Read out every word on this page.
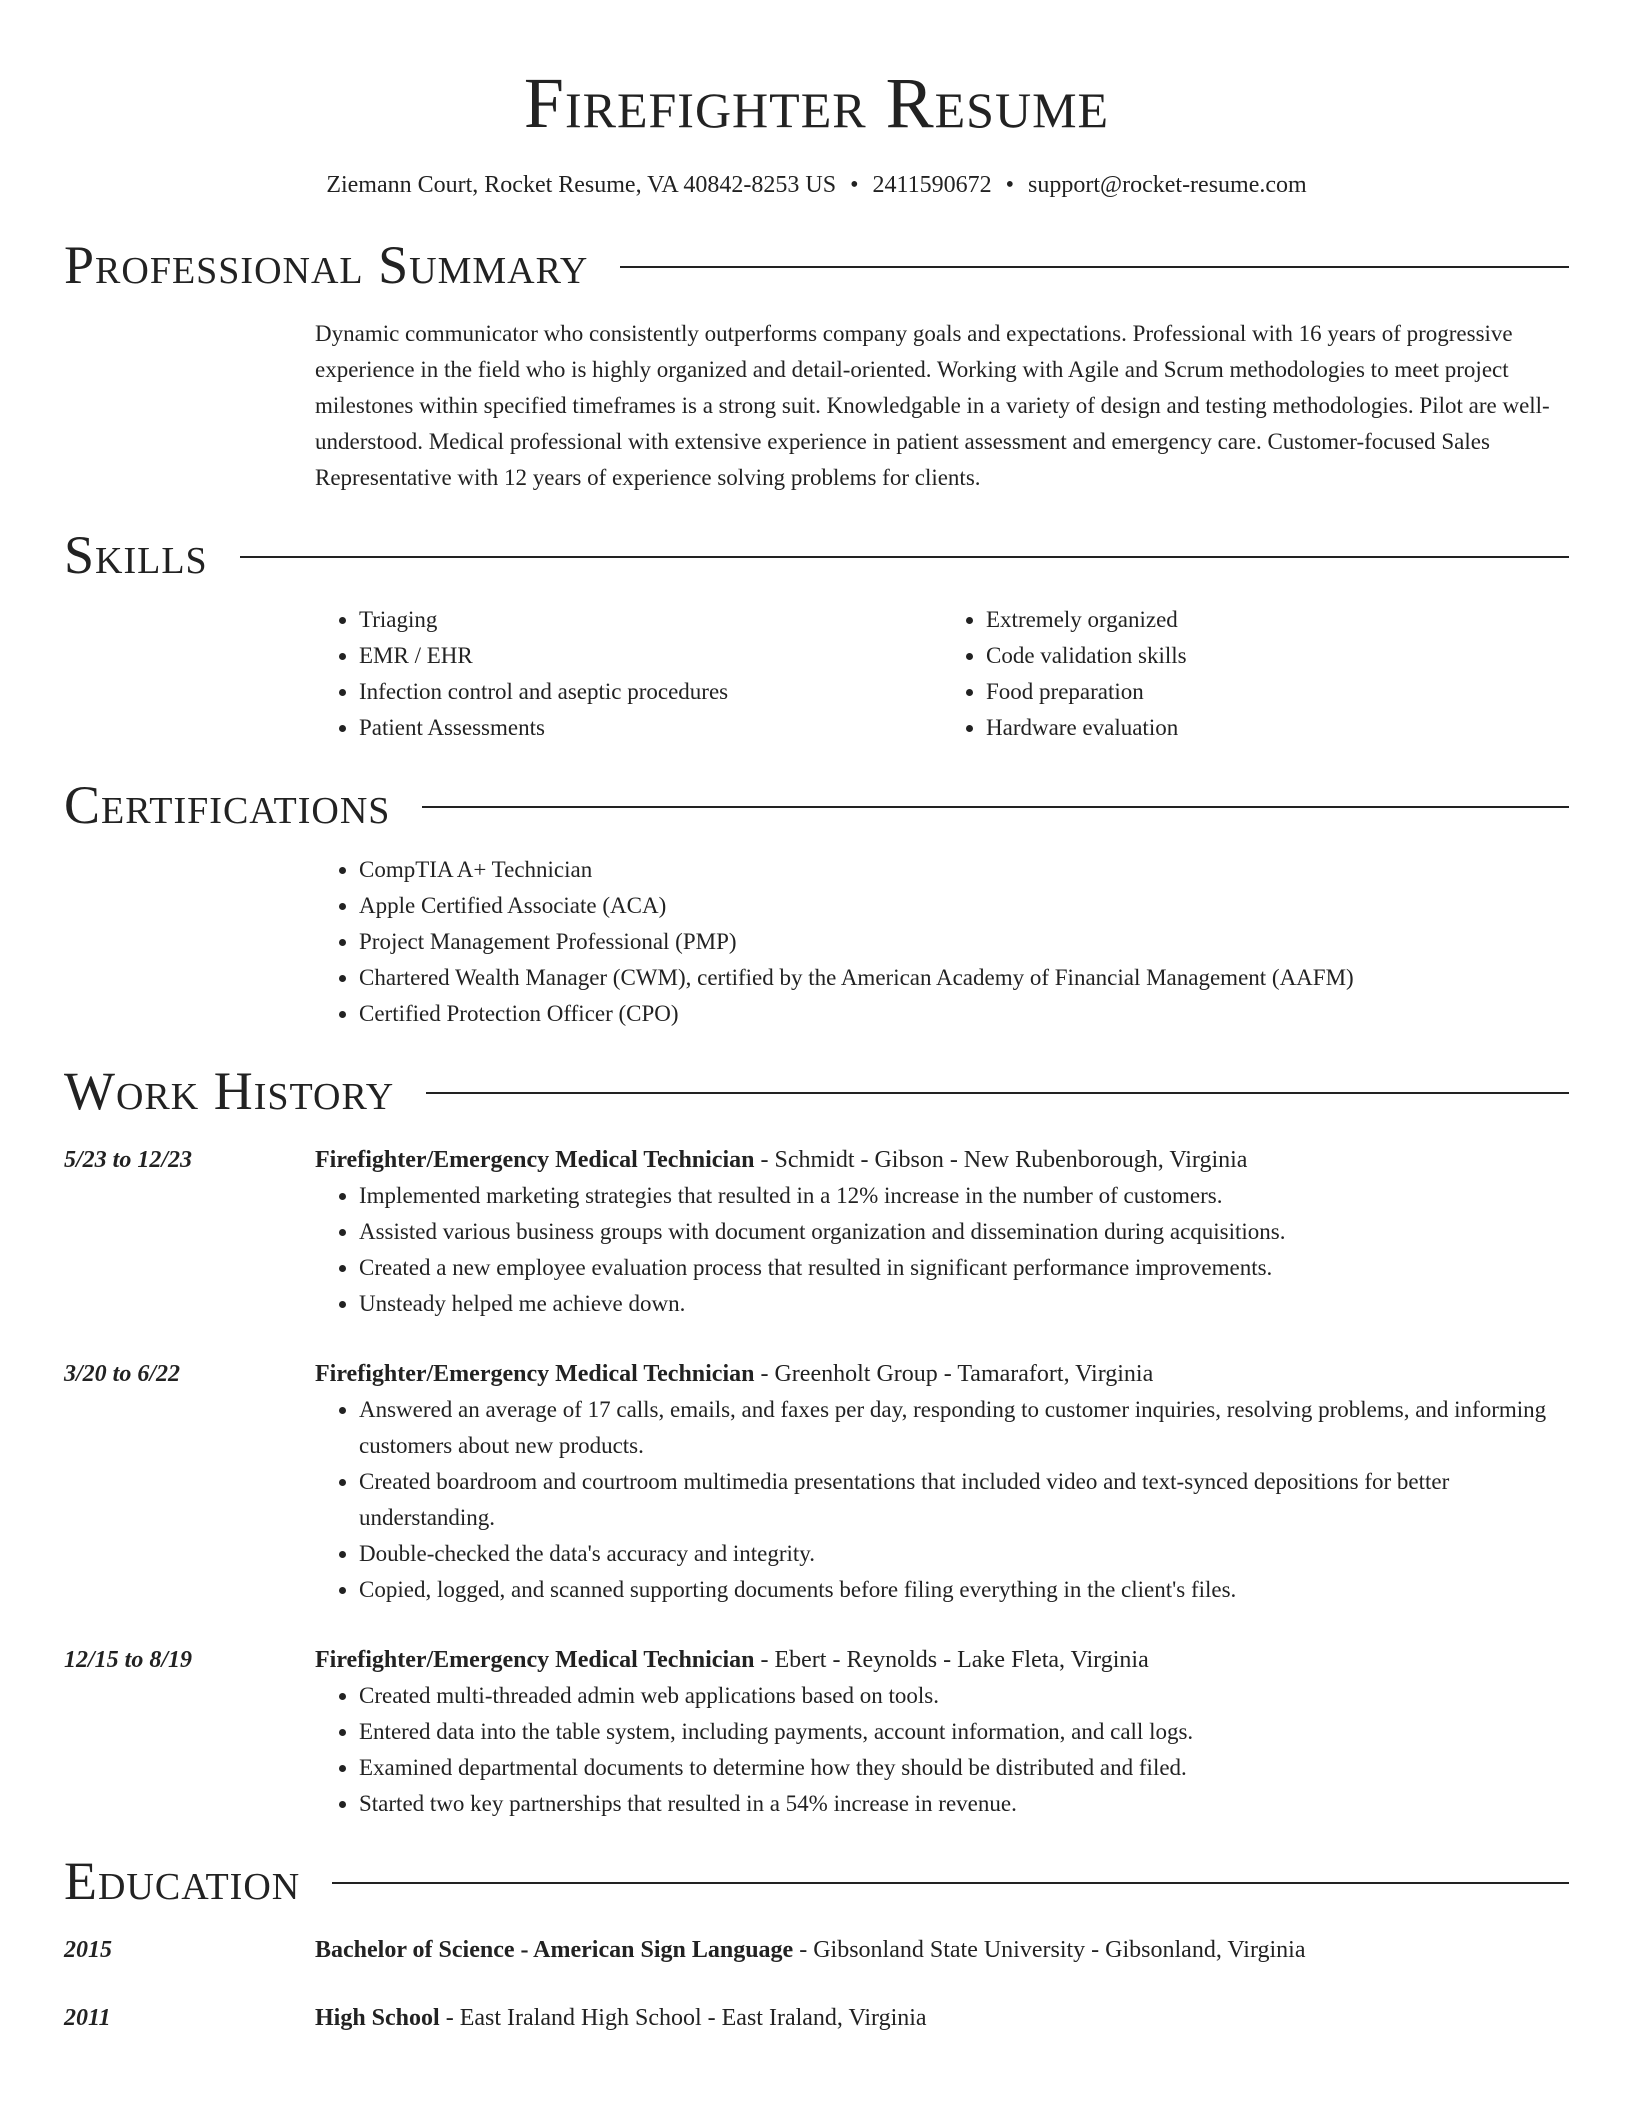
Firefighter Resume
Ziemann Court, Rocket Resume, VA 40842-8253 US • 2411590672 • support@rocket-resume.com
Professional Summary
Dynamic communicator who consistently outperforms company goals and expectations. Professional with 16 years of progressive experience in the field who is highly organized and detail-oriented. Working with Agile and Scrum methodologies to meet project milestones within specified timeframes is a strong suit. Knowledgable in a variety of design and testing methodologies. Pilot are well-understood. Medical professional with extensive experience in patient assessment and emergency care. Customer-focused Sales Representative with 12 years of experience solving problems for clients.
Skills
• Triaging
• EMR / EHR
• Infection control and aseptic procedures
• Patient Assessments
• Extremely organized
• Code validation skills
• Food preparation
• Hardware evaluation
Certifications
• CompTIA A+ Technician
• Apple Certified Associate (ACA)
• Project Management Professional (PMP)
• Chartered Wealth Manager (CWM), certified by the American Academy of Financial Management (AAFM)
• Certified Protection Officer (CPO)
Work History
5/23 to 12/23	Firefighter/Emergency Medical Technician - Schmidt - Gibson - New Rubenborough, Virginia
• Implemented marketing strategies that resulted in a 12% increase in the number of customers.
• Assisted various business groups with document organization and dissemination during acquisitions.
• Created a new employee evaluation process that resulted in significant performance improvements.
• Unsteady helped me achieve down.
3/20 to 6/22	Firefighter/Emergency Medical Technician - Greenholt Group - Tamarafort, Virginia
• Answered an average of 17 calls, emails, and faxes per day, responding to customer inquiries, resolving problems, and informing customers about new products.
• Created boardroom and courtroom multimedia presentations that included video and text-synced depositions for better understanding.
• Double-checked the data's accuracy and integrity.
• Copied, logged, and scanned supporting documents before filing everything in the client's files.
12/15 to 8/19	Firefighter/Emergency Medical Technician - Ebert - Reynolds - Lake Fleta, Virginia
• Created multi-threaded admin web applications based on tools.
• Entered data into the table system, including payments, account information, and call logs.
• Examined departmental documents to determine how they should be distributed and filed.
• Started two key partnerships that resulted in a 54% increase in revenue.
Education
2015	Bachelor of Science - American Sign Language - Gibsonland State University - Gibsonland, Virginia
2011	High School - East Iraland High School - East Iraland, Virginia
